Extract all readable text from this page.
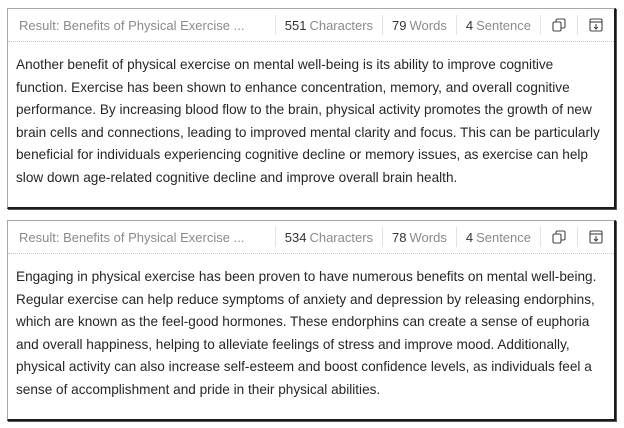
Result: Benefits of Physical Exercise ...	551 Characters 79 Words 4 Sentence
Another benefit of physical exercise on mental well-being is its ability to improve cognitive function. Exercise has been shown to enhance concentration, memory, and overall cognitive performance. By increasing blood flow to the brain, physical activity promotes the growth of new brain cells and connections, leading to improved mental clarity and focus. This can be particularly beneficial for individuals experiencing cognitive decline or memory issues, as exercise can help slow down age-related cognitive decline and improve overall brain health.
Result: Benefits of Physical Exercise ...	534 Characters 78 Words 4 Sentence
Engaging in physical exercise has been proven to have numerous benefits on mental well-being. Regular exercise can help reduce symptoms of anxiety and depression by releasing endorphins, which are known as the feel-good hormones. These endorphins can create a sense of euphoria and overall happiness, helping to alleviate feelings of stress and improve mood. Additionally, physical activity can also increase self-esteem and boost confidence levels, as individuals feel a sense of accomplishment and pride in their physical abilities.
